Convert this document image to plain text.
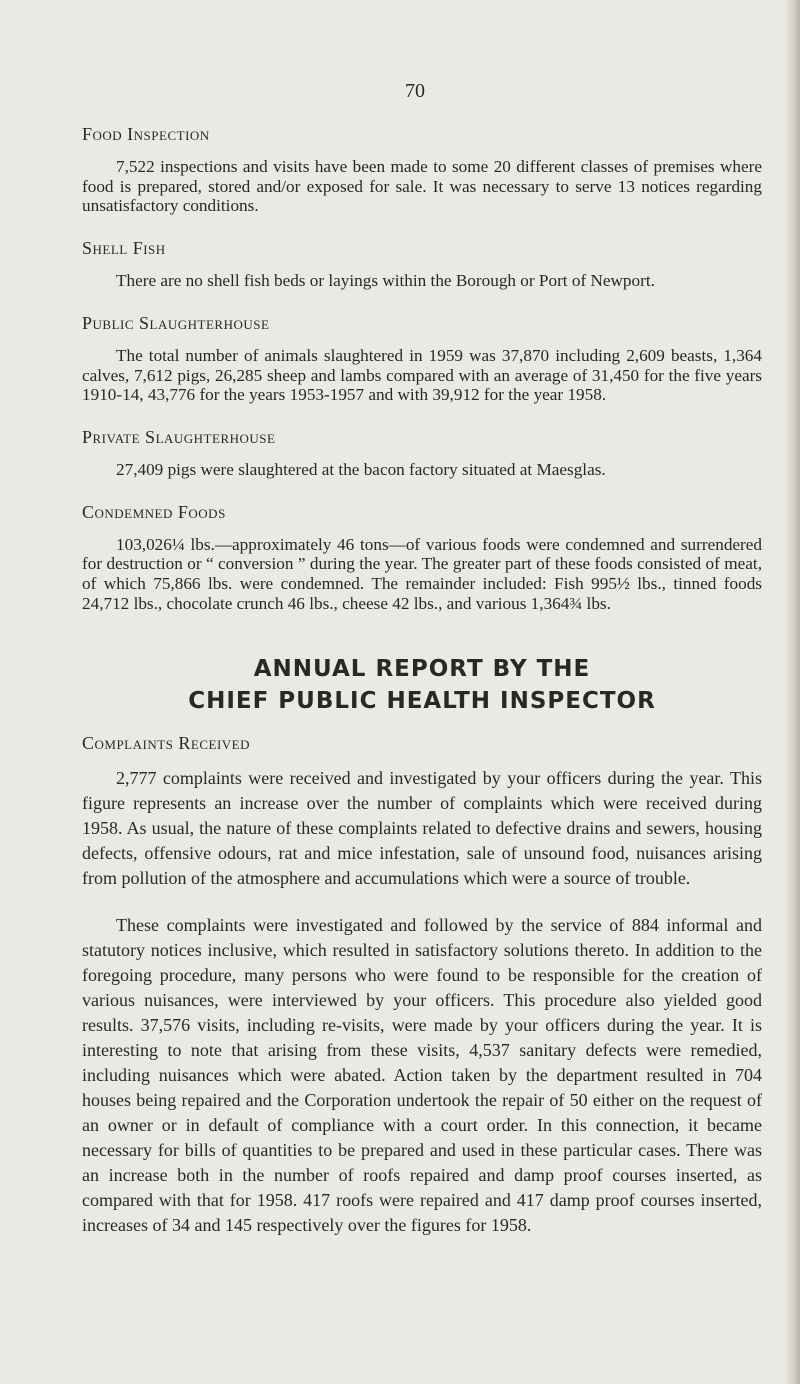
70
Food Inspection

7,522 inspections and visits have been made to some 20 different classes of premises where food is prepared, stored and/or exposed for sale. It was necessary to serve 13 notices regarding unsatisfactory conditions.

Shell Fish

There are no shell fish beds or layings within the Borough or Port of Newport.

Public Slaughterhouse

The total number of animals slaughtered in 1959 was 37,870 including 2,609 beasts, 1,364 calves, 7,612 pigs, 26,285 sheep and lambs compared with an average of 31,450 for the five years 1910-14, 43,776 for the years 1953-1957 and with 39,912 for the year 1958.

Private Slaughterhouse

27,409 pigs were slaughtered at the bacon factory situated at Maesglas.

Condemned Foods

103,026¼ lbs.—approximately 46 tons—of various foods were condemned and surrendered for destruction or “ conversion ” during the year. The greater part of these foods consisted of meat, of which 75,866 lbs. were condemned. The remainder included: Fish 995½ lbs., tinned foods 24,712 lbs., chocolate crunch 46 lbs., cheese 42 lbs., and various 1,364¾ lbs.

ANNUAL REPORT BY THE
CHIEF PUBLIC HEALTH INSPECTOR
Complaints Received

2,777 complaints were received and investigated by your officers during the year. This figure represents an increase over the number of complaints which were received during 1958. As usual, the nature of these complaints related to defective drains and sewers, housing defects, offensive odours, rat and mice infestation, sale of unsound food, nuisances arising from pollution of the atmosphere and accumulations which were a source of trouble.

These complaints were investigated and followed by the service of 884 informal and statutory notices inclusive, which resulted in satisfactory solutions thereto. In addition to the foregoing procedure, many persons who were found to be responsible for the creation of various nuisances, were interviewed by your officers. This procedure also yielded good results. 37,576 visits, including re-visits, were made by your officers during the year. It is interesting to note that arising from these visits, 4,537 sanitary defects were remedied, including nuisances which were abated. Action taken by the department resulted in 704 houses being repaired and the Corporation undertook the repair of 50 either on the request of an owner or in default of compliance with a court order. In this connection, it became necessary for bills of quantities to be prepared and used in these particular cases. There was an increase both in the number of roofs repaired and damp proof courses inserted, as compared with that for 1958. 417 roofs were repaired and 417 damp proof courses inserted, increases of 34 and 145 respectively over the figures for 1958.
